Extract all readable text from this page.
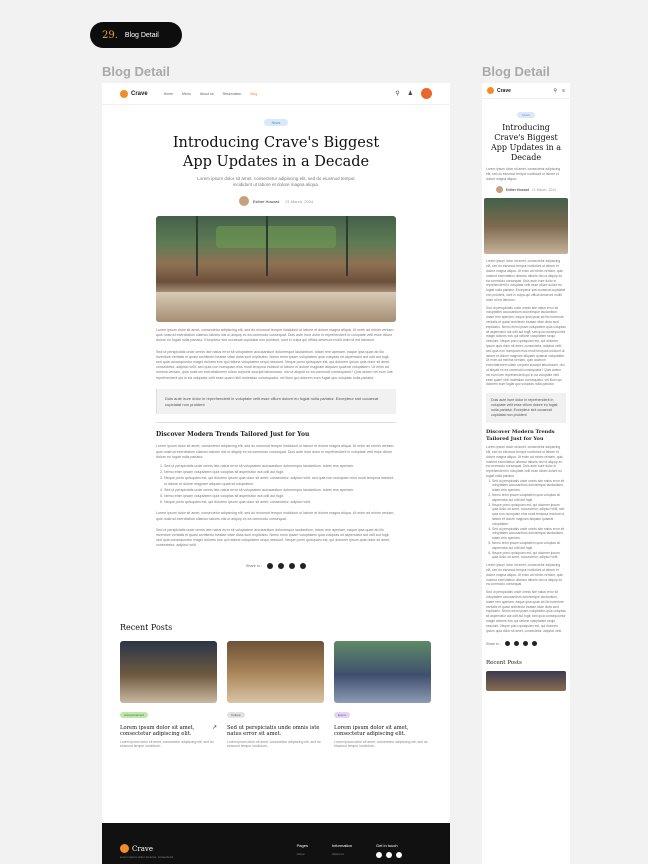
29. Blog Detail
Blog Detail	Blog Detail
Crave	Home	Menu	About us	Reservation	Blog	⚲ ♟
News
Introducing Crave's Biggest App Updates in a Decade
Lorem ipsum dolor sit amet, consectetur adipiscing elit, sed do eiusmod tempor incididunt ut labore et dolore magna aliqua.
Esther Howard 21 March, 2024

Lorem ipsum dolor sit amet, consectetur adipiscing elit, sed do eiusmod tempor incididunt ut labore et dolore magna aliqua. Ut enim ad minim veniam, quis nostrud exercitation ullamco laboris nisi ut aliquip ex ea commodo consequat. Duis aute irure dolor in reprehenderit in voluptate velit esse cillum dolore eu fugiat nulla pariatur. Excepteur sint occaecat cupidatat non proident, sunt in culpa qui officia deserunt mollit anim id est laborum.

Sed ut perspiciatis unde omnis iste natus error sit voluptatem accusantium doloremque laudantium, totam rem aperiam, eaque ipsa quae ab illo inventore veritatis et quasi architecto beatae vitae dicta sunt explicabo. Nemo enim ipsam voluptatem quia voluptas sit aspernatur aut odit aut fugit, sed quia consequuntur magni dolores eos qui ratione voluptatem sequi nesciunt. Neque porro quisquam est, qui dolorem ipsum quia dolor sit amet, consectetur, adipisci velit, sed quia non numquam eius modi tempora incidunt ut labore et dolore magnam aliquam quaerat voluptatem. Ut enim ad minima veniam, quis nostrum exercitationem ullam corporis suscipit laboriosam, nisi ut aliquid ex ea commodi consequatur? Quis autem vel eum iure reprehenderit qui in ea voluptate velit esse quam nihil molestiae consequatur, vel illum qui dolorem eum fugiat quo voluptas nulla pariatur.

Duis aute irure dolor in reprehenderit in voluptate velit esse cillum dolore eu fugiat nulla pariatur. Excepteur sint occaecat cupidatat non proident
Discover Modern Trends Tailored Just for You

Lorem ipsum dolor sit amet, consectetur adipiscing elit, sed do eiusmod tempor incididunt ut labore et dolore magna aliqua. Ut enim ad minim veniam, quis nostrud exercitation ullamco laboris nisi ut aliquip ex ea commodo consequat. Duis aute irure dolor in reprehenderit in voluptate velit esse cillum dolore eu fugiat nulla pariatur.

1. Sed ut perspiciatis unde omnis iste natus error sit voluptatem accusantium doloremque laudantium, totam rem aperiam.
2. Nemo enim ipsam voluptatem quia voluptas sit aspernatur aut odit aut fugit.
3. Neque porro quisquam est, qui dolorem ipsum quia dolor sit amet, consectetur, adipisci velit, sed quia non numquam eius modi tempora incidunt ut labore et dolore magnam aliquam quaerat voluptatem.
4. Sed ut perspiciatis unde omnis iste natus error sit voluptatem accusantium doloremque laudantium, totam rem aperiam.
5. Nemo enim ipsam voluptatem quia voluptas sit aspernatur aut odit aut fugit.
6. Neque porro quisquam est, qui dolorem ipsum quia dolor sit amet, consectetur, adipisci velit.

Lorem ipsum dolor sit amet, consectetur adipiscing elit, sed do eiusmod tempor incididunt ut labore et dolore magna aliqua. Ut enim ad minim veniam, quis nostrud exercitation ullamco laboris nisi ut aliquip ex ea commodo consequat.

Sed ut perspiciatis unde omnis iste natus error sit voluptatem accusantium doloremque laudantium, totam rem aperiam, eaque ipsa quae ab illo inventore veritatis et quasi architecto beatae vitae dicta sunt explicabo. Nemo enim ipsam voluptatem quia voluptas sit aspernatur aut odit aut fugit, sed quia consequuntur magni dolores eos qui ratione voluptatem sequi nesciunt. Neque porro quisquam est, qui dolorem ipsum quia dolor sit amet, consectetur, adipisci velit.

Share to :
Recent Posts
Announcement
Lorem ipsum dolor sit amet, consectetur adipiscing elit.
↗
Lorem ipsum dolor sit amet, consectetur adipiscing elit, sed do eiusmod tempor incididunt...
Culture
Sed ut perspiciatis unde omnis iste natus error sit amet.
Lorem ipsum dolor sit amet, consectetur adipiscing elit, sed do eiusmod tempor incididunt...
Event
Lorem ipsum dolor sit amet, consectetur adipiscing elit.
Lorem ipsum dolor sit amet, consectetur adipiscing elit, sed do eiusmod tempor incididunt...
Crave
Lorem ipsum dolor sit amet, consectetur
Pages
Home
Information
About us
Get in touch
Crave	⚲ ≡
News
Introducing Crave's Biggest App Updates in a Decade
Lorem ipsum dolor sit amet, consectetur adipiscing elit, sed do eiusmod tempor incididunt ut labore et dolore magna aliqua.
Esther Howard 21 March, 2024
Lorem ipsum dolor sit amet, consectetur adipiscing elit, sed do eiusmod tempor incididunt ut labore et dolore magna aliqua. Ut enim ad minim veniam, quis nostrud exercitation ullamco laboris nisi ut aliquip ex ea commodo consequat. Duis aute irure dolor in reprehenderit in voluptate velit esse cillum dolore eu fugiat nulla pariatur. Excepteur sint occaecat cupidatat non proident, sunt in culpa qui officia deserunt mollit anim id est laborum.
Sed ut perspiciatis unde omnis iste natus error sit voluptatem accusantium doloremque laudantium, totam rem aperiam, eaque ipsa quae ab illo inventore veritatis et quasi architecto beatae vitae dicta sunt explicabo. Nemo enim ipsam voluptatem quia voluptas sit aspernatur aut odit aut fugit, sed quia consequuntur magni dolores eos qui ratione voluptatem sequi nesciunt. Neque porro quisquam est, qui dolorem ipsum quia dolor sit amet, consectetur, adipisci velit, sed quia non numquam eius modi tempora incidunt ut labore et dolore magnam aliquam quaerat voluptatem. Ut enim ad minima veniam, quis nostrum exercitationem ullam corporis suscipit laboriosam, nisi ut aliquid ex ea commodi consequatur? Quis autem vel eum iure reprehenderit qui in ea voluptate velit esse quam nihil molestiae consequatur, vel illum qui dolorem eum fugiat quo voluptas nulla pariatur.
Duis aute irure dolor in reprehenderit in voluptate velit esse cillum dolore eu fugiat nulla pariatur. Excepteur sint occaecat cupidatat non proident
Discover Modern Trends Tailored Just for You
Lorem ipsum dolor sit amet, consectetur adipiscing elit, sed do eiusmod tempor incididunt ut labore et dolore magna aliqua. Ut enim ad minim veniam, quis nostrud exercitation ullamco laboris nisi ut aliquip ex ea commodo consequat. Duis aute irure dolor in reprehenderit in voluptate velit esse cillum dolore eu fugiat nulla pariatur.
1. Sed ut perspiciatis unde omnis iste natus error sit voluptatem accusantium doloremque laudantium, totam rem aperiam.
2. Nemo enim ipsam voluptatem quia voluptas sit aspernatur aut odit aut fugit.
3. Neque porro quisquam est, qui dolorem ipsum quia dolor sit amet, consectetur, adipisci velit, sed quia non numquam eius modi tempora incidunt ut labore et dolore magnam aliquam quaerat voluptatem.
4. Sed ut perspiciatis unde omnis iste natus error sit voluptatem accusantium doloremque laudantium, totam rem aperiam.
5. Nemo enim ipsam voluptatem quia voluptas sit aspernatur aut odit aut fugit.
6. Neque porro quisquam est, qui dolorem ipsum quia dolor sit amet, consectetur, adipisci velit.
Lorem ipsum dolor sit amet, consectetur adipiscing elit, sed do eiusmod tempor incididunt ut labore et dolore magna aliqua. Ut enim ad minim veniam, quis nostrud exercitation ullamco laboris nisi ut aliquip ex ea commodo consequat.
Sed ut perspiciatis unde omnis iste natus error sit voluptatem accusantium doloremque laudantium, totam rem aperiam, eaque ipsa quae ab illo inventore veritatis et quasi architecto beatae vitae dicta sunt explicabo. Nemo enim ipsam voluptatem quia voluptas sit aspernatur aut odit aut fugit, sed quia consequuntur magni dolores eos qui ratione voluptatem sequi nesciunt. Neque porro quisquam est, qui dolorem ipsum quia dolor sit amet, consectetur, adipisci velit.
Share to :
Recent Posts
